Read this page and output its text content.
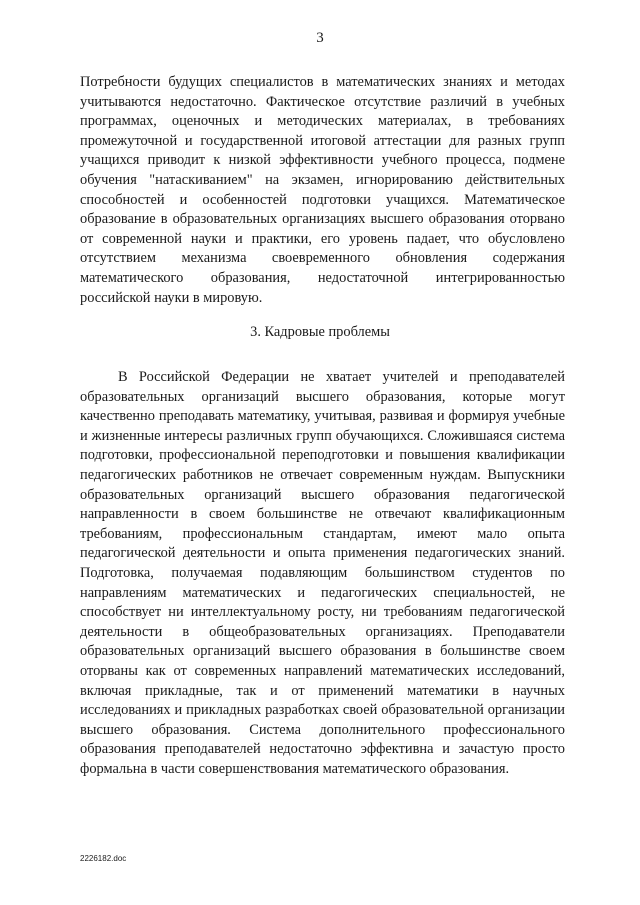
3

Потребности будущих специалистов в математических знаниях и методах учитываются недостаточно. Фактическое отсутствие различий в учебных программах, оценочных и методических материалах, в требованиях промежуточной и государственной итоговой аттестации для разных групп учащихся приводит к низкой эффективности учебного процесса, подмене обучения "натаскиванием" на экзамен, игнорированию действительных способностей и особенностей подготовки учащихся. Математическое образование в образовательных организациях высшего образования оторвано от современной науки и практики, его уровень падает, что обусловлено отсутствием механизма своевременного обновления содержания математического образования, недостаточной интегрированностью российской науки в мировую.

3. Кадровые проблемы

В Российской Федерации не хватает учителей и преподавателей образовательных организаций высшего образования, которые могут качественно преподавать математику, учитывая, развивая и формируя учебные и жизненные интересы различных групп обучающихся. Сложившаяся система подготовки, профессиональной переподготовки и повышения квалификации педагогических работников не отвечает современным нуждам. Выпускники образовательных организаций высшего образования педагогической направленности в своем большинстве не отвечают квалификационным требованиям, профессиональным стандартам, имеют мало опыта педагогической деятельности и опыта применения педагогических знаний. Подготовка, получаемая подавляющим большинством студентов по направлениям математических и педагогических специальностей, не способствует ни интеллектуальному росту, ни требованиям педагогической деятельности в общеобразовательных организациях. Преподаватели образовательных организаций высшего образования в большинстве своем оторваны как от современных направлений математических исследований, включая прикладные, так и от применений математики в научных исследованиях и прикладных разработках своей образовательной организации высшего образования. Система дополнительного профессионального образования преподавателей недостаточно эффективна и зачастую просто формальна в части совершенствования математического образования.

2226182.doc
